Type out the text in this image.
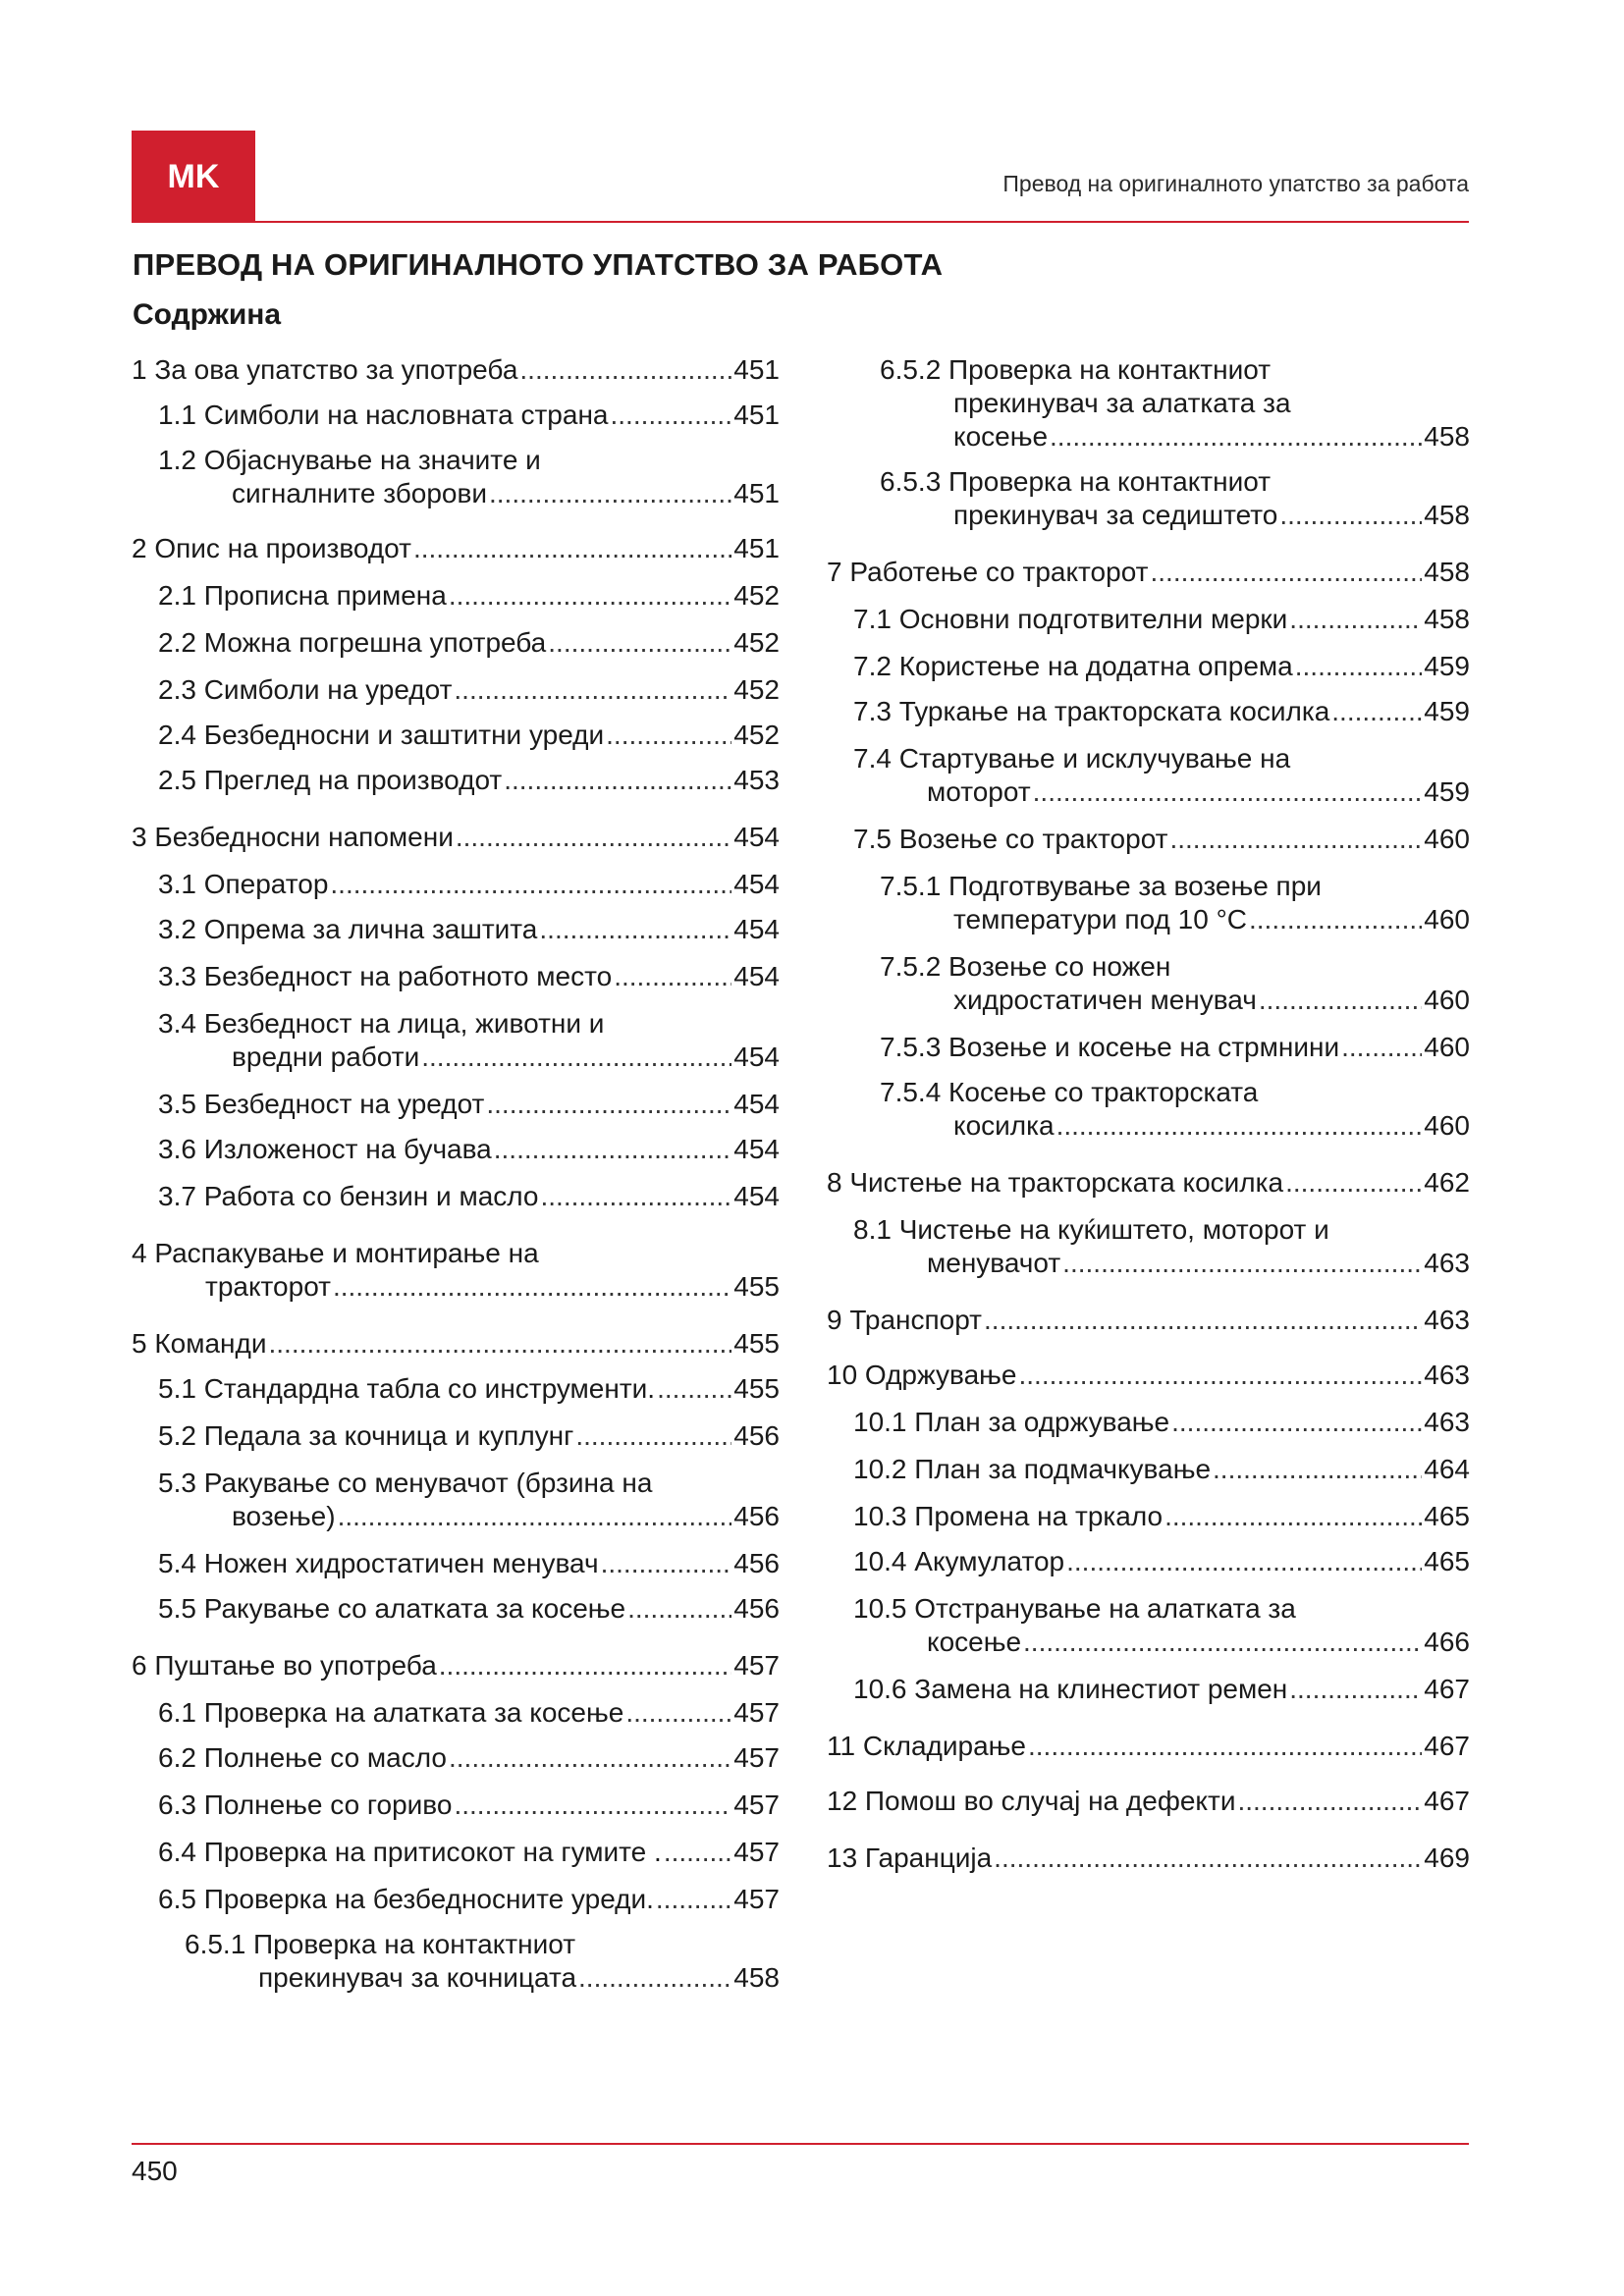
MK	Превод на оригиналното упатство за работа
ПРЕВОД НА ОРИГИНАЛНОТО УПАТСТВО ЗА РАБОТА
Содржина
1 За ова упатство за употреба .....	451
1.1 Симболи на насловната страна .....	451
1.2 Објаснување на значите и
сигналните зборови .....	451
2 Опис на производот .....	451
2.1 Прописна примена .....	452
2.2 Можна погрешна употреба .....	452
2.3 Симболи на уредот .....	452
2.4 Безбедносни и заштитни уреди .....	452
2.5 Преглед на производот .....	453
3 Безбедносни напомени .....	454
3.1 Оператор .....	454
3.2 Опрема за лична заштита .....	454
3.3 Безбедност на работното место .....	454
3.4 Безбедност на лица, животни и
вредни работи .....	454
3.5 Безбедност на уредот .....	454
3.6 Изложеност на бучава .....	454
3.7 Работа со бензин и масло .....	454
4 Распакување и монтирање на
тракторот .....	455
5 Команди .....	455
5.1 Стандардна табла со инструменти. .....	455
5.2 Педала за кочница и куплунг .....	456
5.3 Ракување со менувачот (брзина на
возење) .....	456
5.4 Ножен хидростатичен менувач .....	456
5.5 Ракување со алатката за косење .....	456
6 Пуштање во употреба .....	457
6.1 Проверка на алатката за косење .....	457
6.2 Полнење со масло .....	457
6.3 Полнење со гориво .....	457
6.4 Проверка на притисокот на гумите . .....	457
6.5 Проверка на безбедносните уреди. .....	457
6.5.1 Проверка на контактниот
прекинувач за кочницата .....	458
6.5.2 Проверка на контактниот
прекинувач за алатката за
косење .....	458
6.5.3 Проверка на контактниот
прекинувач за седиштето .....	458
7 Работење со тракторот .....	458
7.1 Основни подготвителни мерки .....	458
7.2 Користење на додатна опрема .....	459
7.3 Туркање на тракторската косилка .....	459
7.4 Стартување и исклучување на
моторот .....	459
7.5 Возење со тракторот .....	460
7.5.1 Подготвување за возење при
температури под 10 °C .....	460
7.5.2 Возење со ножен
хидростатичен менувач .....	460
7.5.3 Возење и косење на стрмнини .....	460
7.5.4 Косење со тракторската
косилка .....	460
8 Чистење на тракторската косилка .....	462
8.1 Чистење на куќиштето, моторот и
менувачот .....	463
9 Транспорт .....	463
10 Одржување .....	463
10.1 План за одржување .....	463
10.2 План за подмачкување .....	464
10.3 Промена на тркало .....	465
10.4 Акумулатор .....	465
10.5 Отстранување на алатката за
косење .....	466
10.6 Замена на клинестиот ремен .....	467
11 Складирање .....	467
12 Помош во случај на дефекти .....	467
13 Гаранција .....	469
450
